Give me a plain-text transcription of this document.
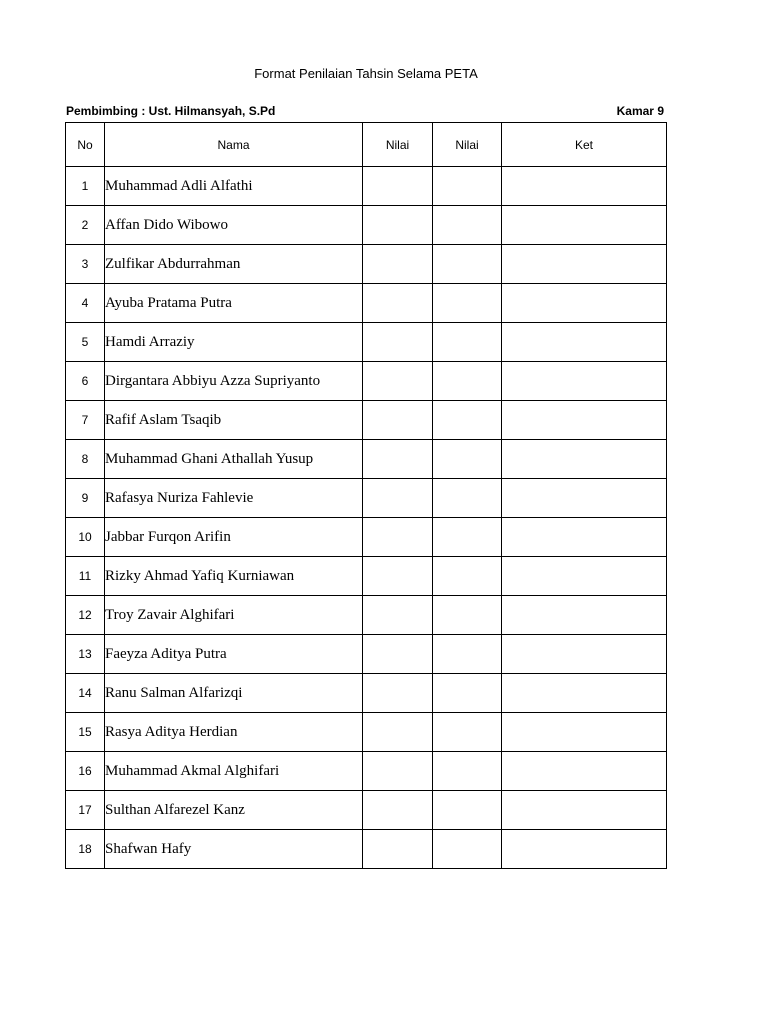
Format Penilaian Tahsin Selama PETA
Pembimbing : Ust. Hilmansyah, S.Pd	Kamar 9
No	Nama	Nilai	Nilai	Ket
1	Muhammad Adli Alfathi			
2	Affan Dido Wibowo			
3	Zulfikar Abdurrahman			
4	Ayuba Pratama Putra			
5	Hamdi Arraziy			
6	Dirgantara Abbiyu Azza Supriyanto			
7	Rafif Aslam Tsaqib			
8	Muhammad Ghani Athallah Yusup			
9	Rafasya Nuriza Fahlevie			
10	Jabbar Furqon Arifin			
11	Rizky Ahmad Yafiq Kurniawan			
12	Troy Zavair Alghifari			
13	Faeyza Aditya Putra			
14	Ranu Salman Alfarizqi			
15	Rasya Aditya Herdian			
16	Muhammad Akmal Alghifari			
17	Sulthan Alfarezel Kanz			
18	Shafwan Hafy			
